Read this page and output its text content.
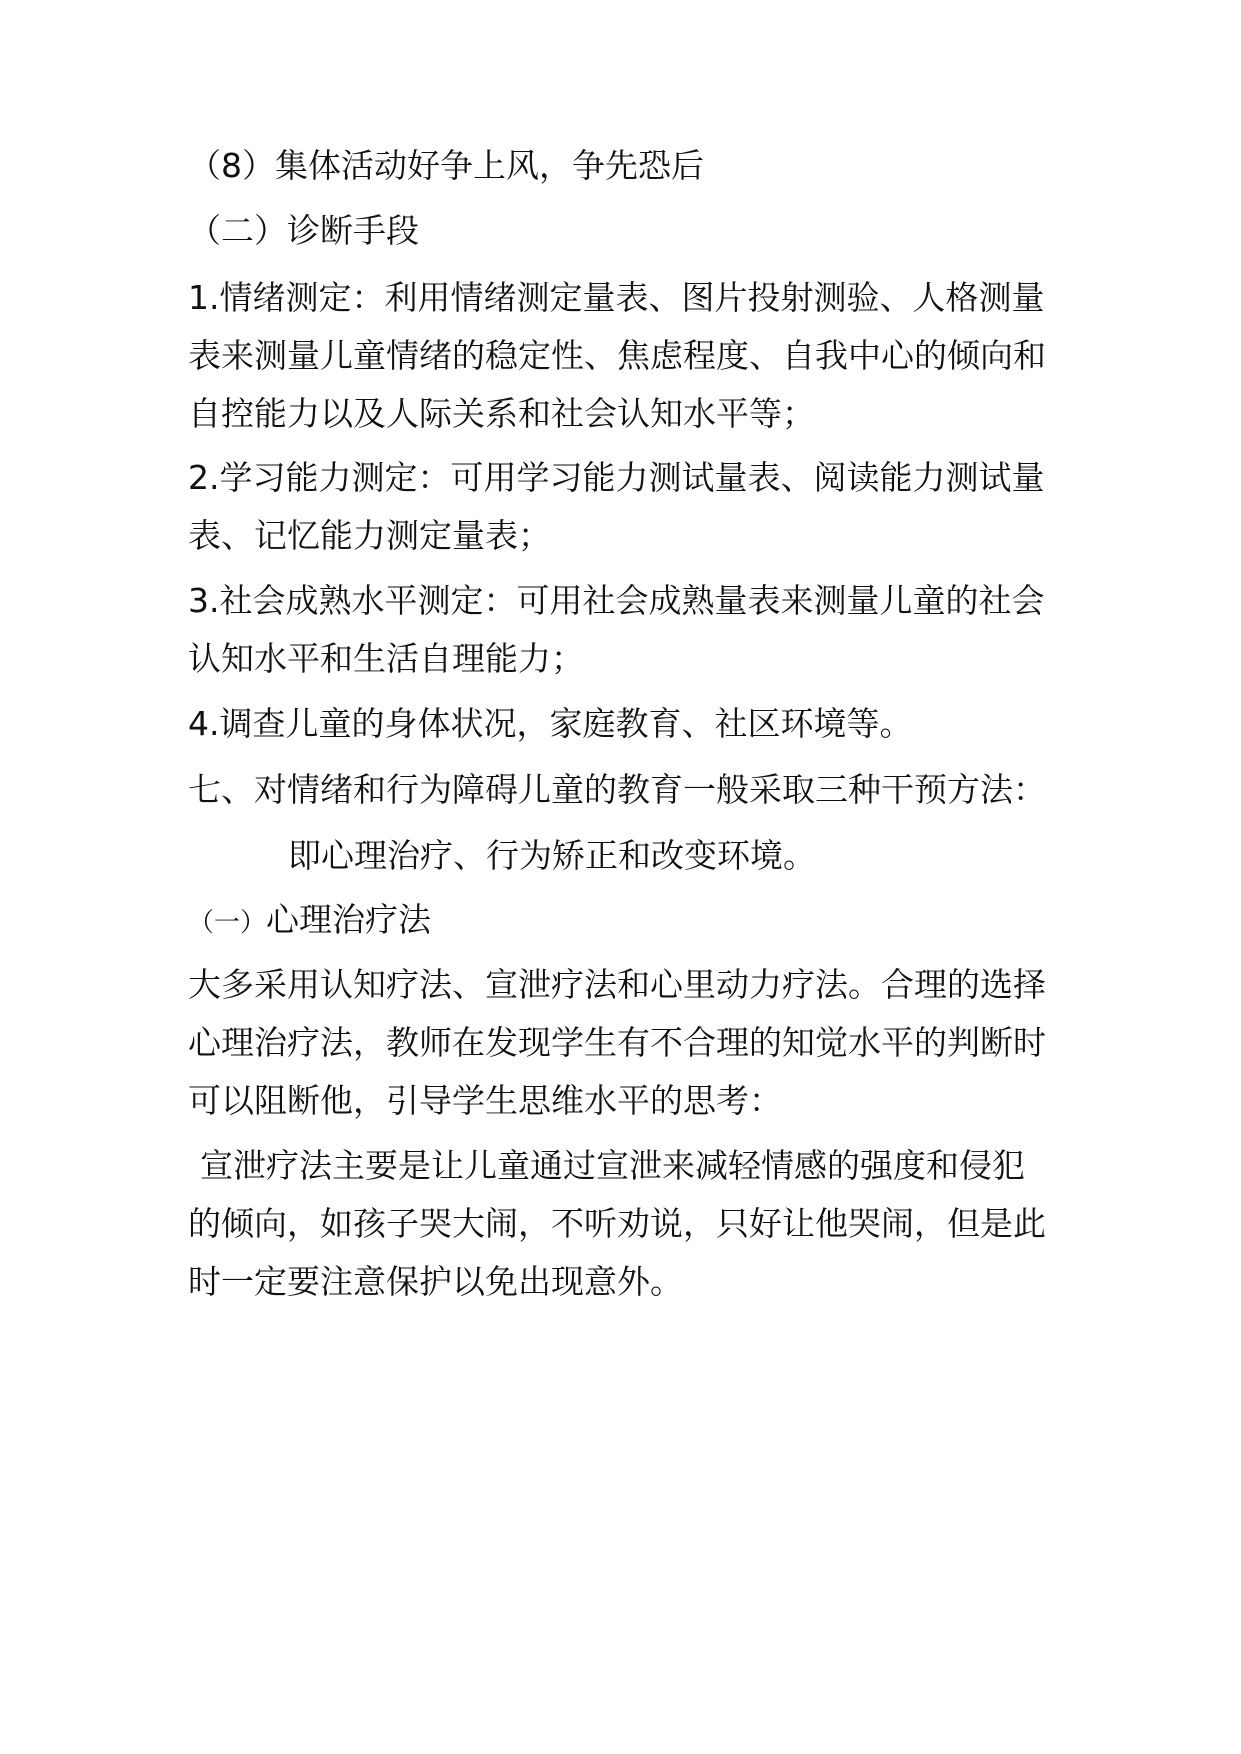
（8）集体活动好争上风，争先恐后
（二）诊断手段
1.情绪测定：利用情绪测定量表、图片投射测验、人格测量
表来测量儿童情绪的稳定性、焦虑程度、自我中心的倾向和
自控能力以及人际关系和社会认知水平等；
2.学习能力测定：可用学习能力测试量表、阅读能力测试量
表、记忆能力测定量表；
3.社会成熟水平测定：可用社会成熟量表来测量儿童的社会
认知水平和生活自理能力；
4.调查儿童的身体状况，家庭教育、社区环境等。
七、对情绪和行为障碍儿童的教育一般采取三种干预方法：
即心理治疗、行为矫正和改变环境。
（一）心理治疗法
大多采用认知疗法、宣泄疗法和心里动力疗法。合理的选择
心理治疗法，教师在发现学生有不合理的知觉水平的判断时
可以阻断他，引导学生思维水平的思考：
宣泄疗法主要是让儿童通过宣泄来减轻情感的强度和侵犯
的倾向，如孩子哭大闹，不听劝说，只好让他哭闹，但是此
时一定要注意保护以免出现意外。
